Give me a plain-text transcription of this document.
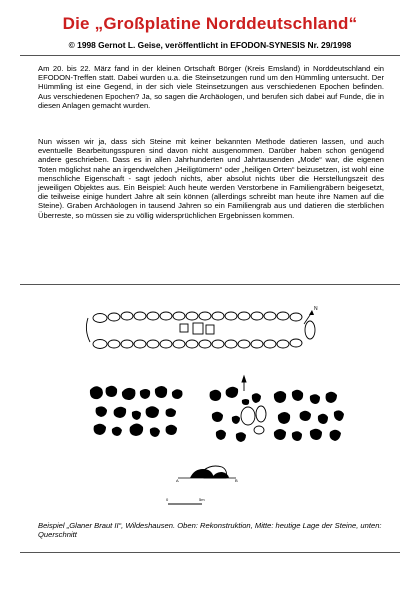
Die „Großplatine Norddeutschland“
© 1998 Gernot L. Geise, veröffentlicht in EFODON-SYNESIS Nr. 29/1998

Am 20. bis 22. März fand in der kleinen Ortschaft Börger (Kreis Emsland) in Norddeutschland ein EFODON-Treffen statt. Dabei wurden u.a. die Steinsetzungen rund um den Hümmling untersucht. Der Hümmling ist eine Gegend, in der sich viele Steinsetzungen aus verschiedenen Epochen befinden. Aus verschiedenen Epochen? Ja, so sagen die Archäologen, und berufen sich dabei auf Funde, die in diesen Anlagen gemacht wurden.

Nun wissen wir ja, dass sich Steine mit keiner bekannten Methode datieren lassen, und auch eventuelle Bearbeitungsspuren sind davon nicht ausgenommen. Darüber haben schon genügend andere geschrieben. Dass es in allen Jahrhunderten und Jahrtausenden „Mode“ war, die eigenen Toten möglichst nahe an irgendwelchen „Heiligtümern“ oder „heiligen Orten“ beizusetzen, ist wohl eine menschliche Eigenschaft - sagt jedoch nichts, aber absolut nichts über die Herstellungszeit des jeweiligen Objektes aus. Ein Beispiel: Auch heute werden Verstorbene in Familiengräbern beigesetzt, die teilweise einige hundert Jahre alt sein können (allerdings schreibt man heute ihre Namen auf die Steine). Graben Archäologen in tausend Jahren so ein Familiengrab aus und datieren die sterblichen Überreste, so müssen sie zu völlig widersprüchlichen Ergebnissen kommen.

N
A	B
0	5m

Beispiel „Glaner Braut II“, Wildeshausen. Oben: Rekonstruktion, Mitte: heutige Lage der Steine, unten: Querschnitt
